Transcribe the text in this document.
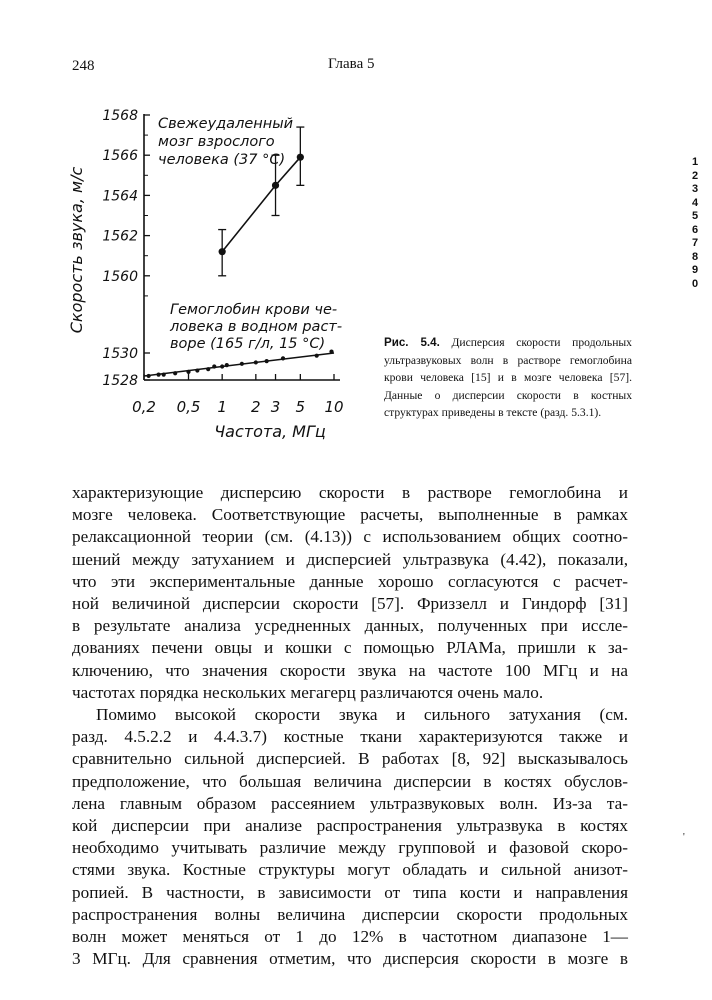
248	Глава 5
1568
1566
1564
1562
1560
1530
1528
0,2 0,5 1 2 3 5 10
Частота, МГц
Скорость звука, м/с
Свежеудаленный
мозг взрослого
человека (37 °C)
Гемоглобин крови че-
ловека в водном раст-
воре (165 г/л, 15 °C)	Рис. 5.4. Дисперсия скорости продольных ультразвуковых волн в растворе гемоглобина крови человека [15] и в мозге человека [57]. Данные о дисперсии скорости в костных структурах приведены в тексте (разд. 5.3.1).
1
2
3
4
5
6
7
8
9
0
'

характеризующие дисперсию скорости в растворе гемоглобина и
мозге человека. Соответствующие расчеты, выполненные в рамках
релаксационной теории (см. (4.13)) с использованием общих соотно-
шений между затуханием и дисперсией ультразвука (4.42), показали,
что эти экспериментальные данные хорошо согласуются с расчет-
ной величиной дисперсии скорости [57]. Фриззелл и Гиндорф [31]
в результате анализа усредненных данных, полученных при иссле-
дованиях печени овцы и кошки с помощью РЛАМа, пришли к за-
ключению, что значения скорости звука на частоте 100 МГц и на
частотах порядка нескольких мегагерц различаются очень мало.

Помимо высокой скорости звука и сильного затухания (см.
разд. 4.5.2.2 и 4.4.3.7) костные ткани характеризуются также и
сравнительно сильной дисперсией. В работах [8, 92] высказывалось
предположение, что большая величина дисперсии в костях обуслов-
лена главным образом рассеянием ультразвуковых волн. Из-за та-
кой дисперсии при анализе распространения ультразвука в костях
необходимо учитывать различие между групповой и фазовой скоро-
стями звука. Костные структуры могут обладать и сильной анизот-
ропией. В частности, в зависимости от типа кости и направления
распространения волны величина дисперсии скорости продольных
волн может меняться от 1 до 12% в частотном диапазоне 1—
3 МГц. Для сравнения отметим, что дисперсия скорости в мозге в
